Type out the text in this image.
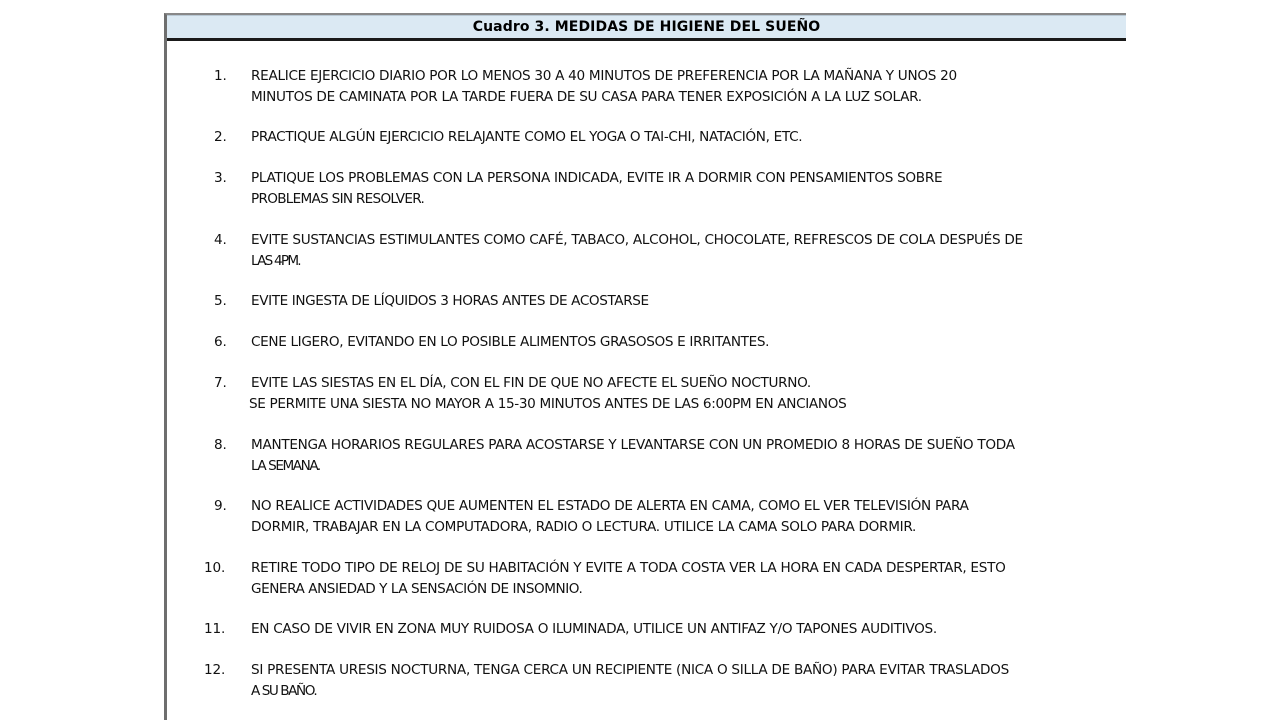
Cuadro 3. MEDIDAS DE HIGIENE DEL SUEÑO
1. REALICE EJERCICIO DIARIO POR LO MENOS 30 A 40 MINUTOS DE PREFERENCIA POR LA MAÑANA Y UNOS 20
MINUTOS DE CAMINATA POR LA TARDE FUERA DE SU CASA PARA TENER EXPOSICIÓN A LA LUZ SOLAR.
2. PRACTIQUE ALGÚN EJERCICIO RELAJANTE COMO EL YOGA O TAI-CHI, NATACIÓN, ETC.
3. PLATIQUE LOS PROBLEMAS CON LA PERSONA INDICADA, EVITE IR A DORMIR CON PENSAMIENTOS SOBRE
PROBLEMAS SIN RESOLVER.
4. EVITE SUSTANCIAS ESTIMULANTES COMO CAFÉ, TABACO, ALCOHOL, CHOCOLATE, REFRESCOS DE COLA DESPUÉS DE
LAS 4PM.
5. EVITE INGESTA DE LÍQUIDOS 3 HORAS ANTES DE ACOSTARSE
6. CENE LIGERO, EVITANDO EN LO POSIBLE ALIMENTOS GRASOSOS E IRRITANTES.
7. EVITE LAS SIESTAS EN EL DÍA, CON EL FIN DE QUE NO AFECTE EL SUEÑO NOCTURNO.
SE PERMITE UNA SIESTA NO MAYOR A 15-30 MINUTOS ANTES DE LAS 6:00PM EN ANCIANOS
8. MANTENGA HORARIOS REGULARES PARA ACOSTARSE Y LEVANTARSE CON UN PROMEDIO 8 HORAS DE SUEÑO TODA
LA SEMANA.
9. NO REALICE ACTIVIDADES QUE AUMENTEN EL ESTADO DE ALERTA EN CAMA, COMO EL VER TELEVISIÓN PARA
DORMIR, TRABAJAR EN LA COMPUTADORA, RADIO O LECTURA. UTILICE LA CAMA SOLO PARA DORMIR.
10. RETIRE TODO TIPO DE RELOJ DE SU HABITACIÓN Y EVITE A TODA COSTA VER LA HORA EN CADA DESPERTAR, ESTO
GENERA ANSIEDAD Y LA SENSACIÓN DE INSOMNIO.
11. EN CASO DE VIVIR EN ZONA MUY RUIDOSA O ILUMINADA, UTILICE UN ANTIFAZ Y/O TAPONES AUDITIVOS.
12. SI PRESENTA URESIS NOCTURNA, TENGA CERCA UN RECIPIENTE (NICA O SILLA DE BAÑO) PARA EVITAR TRASLADOS
A SU BAÑO.
